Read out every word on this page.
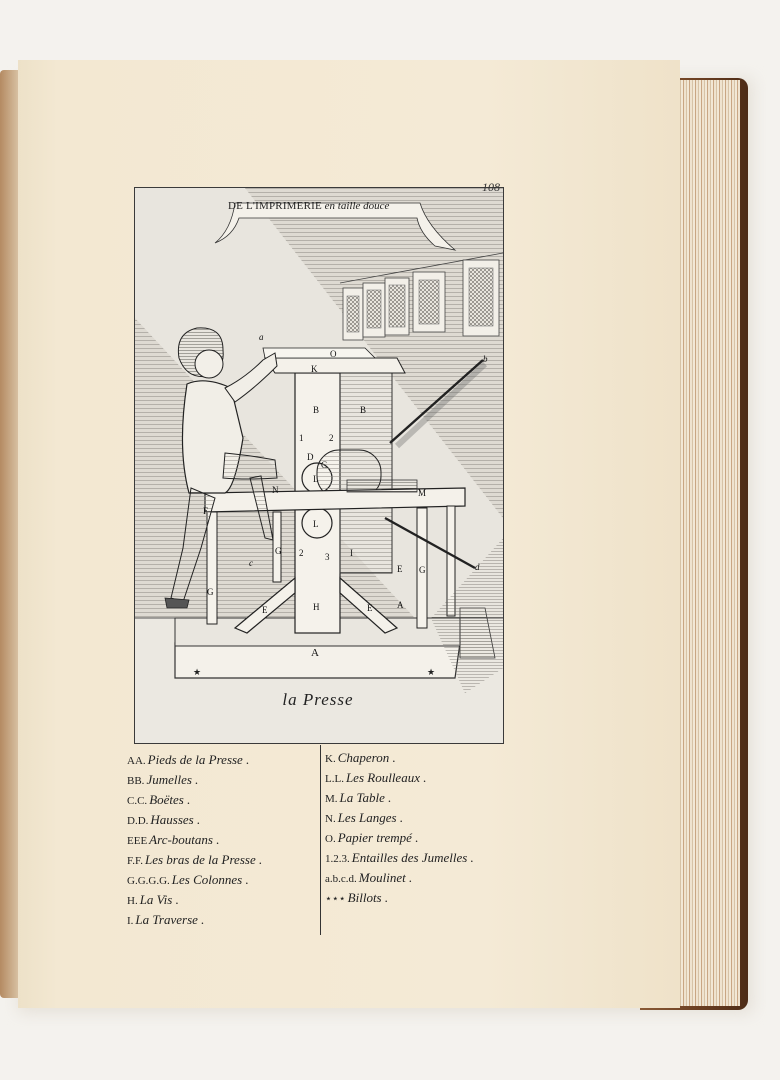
★	★
O
K
B	B
D
C
L
L
N	M
F
G
G
G
E	E
E
H	A
A
I
1	2
2 3
a
b
c	d
108
DE L'IMPRIMERIE en taille douce
la Presse
AA. Pieds de la Presse .
BB. Jumelles .
C.C. Boëtes .
D.D. Hausses .
EEE Arc-boutans .
F.F. Les bras de la Presse .
G.G.G.G. Les Colonnes .
H. La Vis .
I. La Traverse .
K. Chaperon .
L.L. Les Roulleaux .
M. La Table .
N. Les Langes .
O. Papier trempé .
1.2.3. Entailles des Jumelles .
a.b.c.d. Moulinet .
⋆⋆⋆ Billots .
